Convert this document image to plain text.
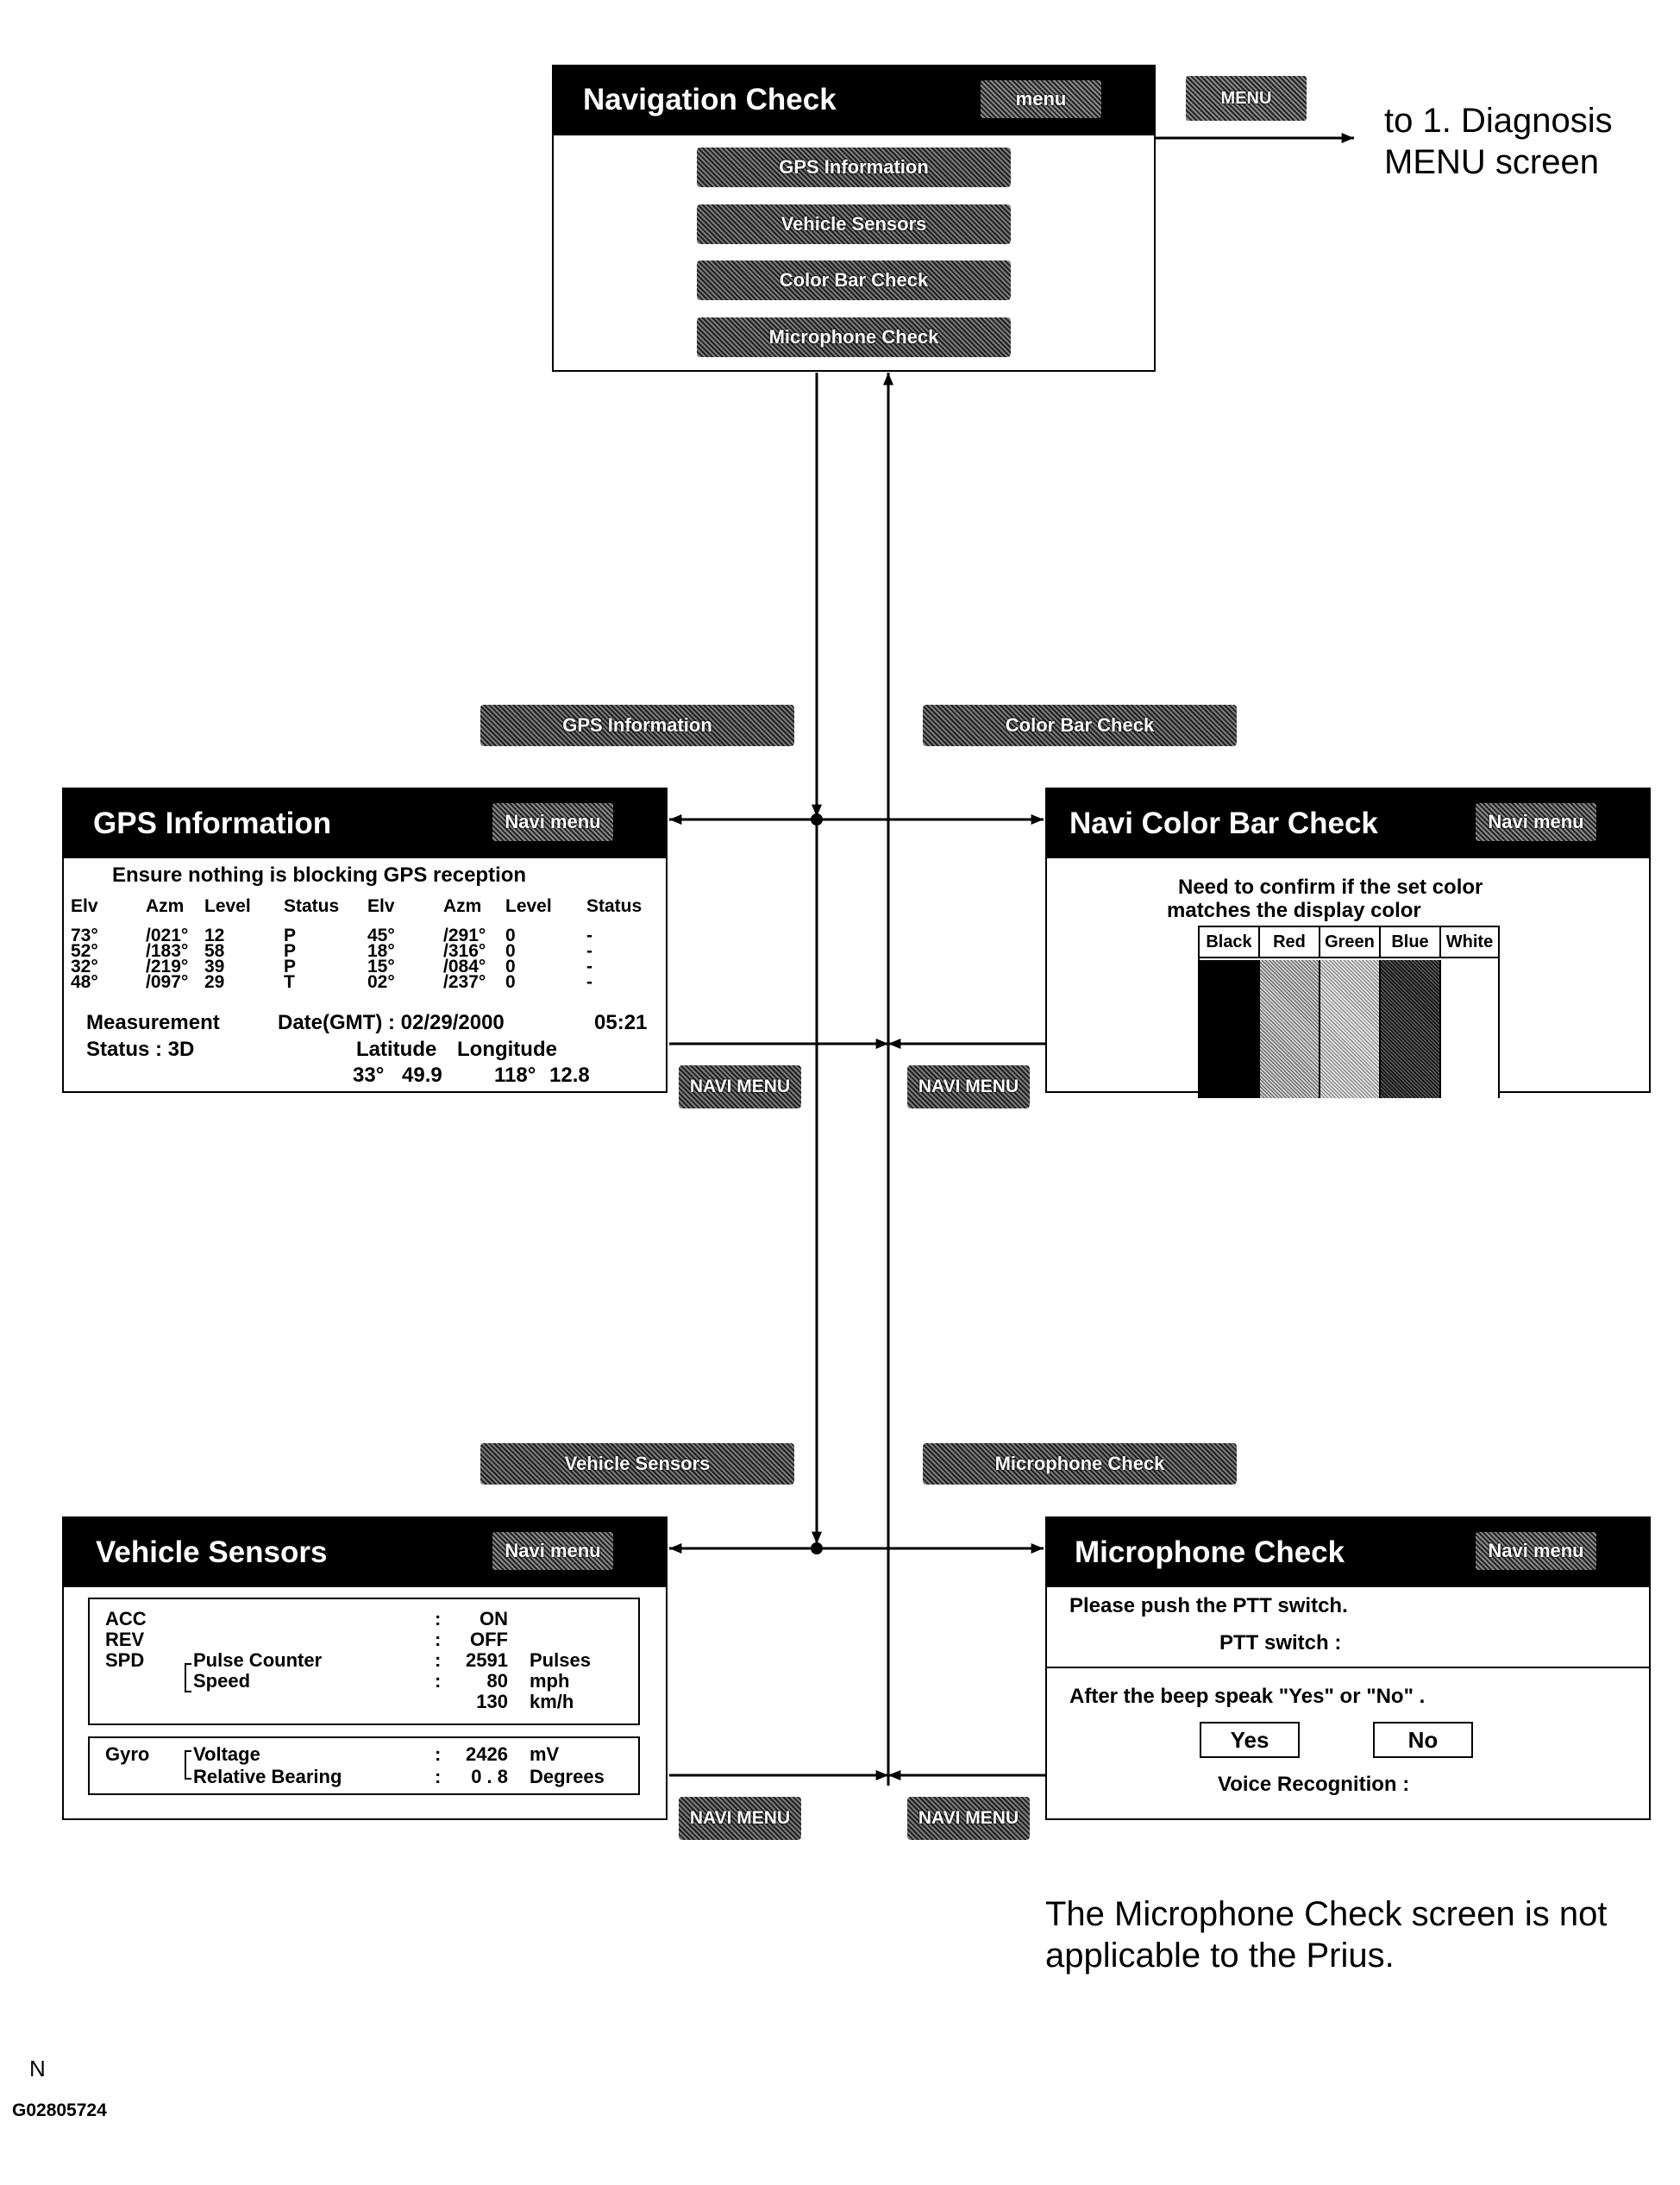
Navigation Check	menu
GPS Information
Vehicle Sensors
Color Bar Check
Microphone Check
MENU
to 1. Diagnosis
MENU screen
GPS Information	Color Bar Check
Vehicle Sensors	Microphone Check
NAVI MENU	NAVI MENU
NAVI MENU	NAVI MENU
GPS Information	Navi menu
Ensure nothing is blocking GPS reception
Elv	Azm Level Status Elv	Azm Level Status
73°	/021° 12	P	45°	/291° 0	-
52°	/183° 58	P	18°	/316° 0	-
32°	/219° 39	P	15°	/084° 0	-
48°	/097° 29	T	02°	/237° 0	-
Measurement	Date(GMT) : 02/29/2000	05:21
Status : 3D	Latitude Longitude
33° 49.9	118° 12.8
Navi Color Bar Check	Navi menu
Need to confirm if the set color
matches the display color
Black	Red	Green Blue	White
Vehicle Sensors	Navi menu
ACC	:	ON
REV	:	OFF
SPD	Pulse Counter	:	2591 Pulses
Speed	:	80 mph
130 km/h
Gyro Voltage	:	2426 mV
Relative Bearing	:	0 . 8 Degrees
Microphone Check	Navi menu
Please push the PTT switch.
PTT switch :
After the beep speak "Yes" or "No" .
Yes	No
Voice Recognition :
The Microphone Check screen is not
applicable to the Prius.
N
G02805724
